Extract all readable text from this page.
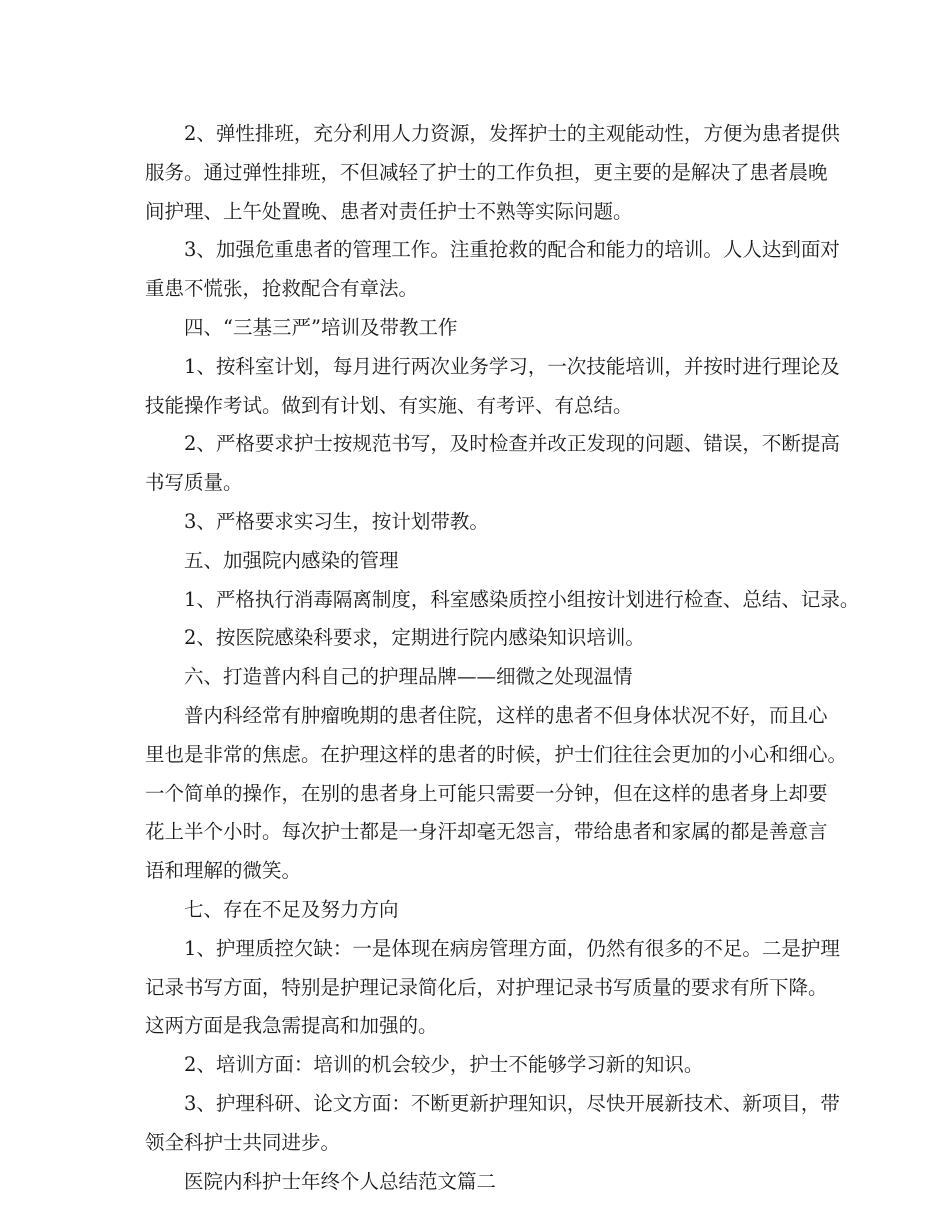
2、弹性排班，充分利用人力资源，发挥护士的主观能动性，方便为患者提供
服务。通过弹性排班，不但减轻了护士的工作负担，更主要的是解决了患者晨晚
间护理、上午处置晚、患者对责任护士不熟等实际问题。
3、加强危重患者的管理工作。注重抢救的配合和能力的培训。人人达到面对
重患不慌张，抢救配合有章法。
四、“三基三严”培训及带教工作
1、按科室计划，每月进行两次业务学习，一次技能培训，并按时进行理论及
技能操作考试。做到有计划、有实施、有考评、有总结。
2、严格要求护士按规范书写，及时检查并改正发现的问题、错误，不断提高
书写质量。
3、严格要求实习生，按计划带教。
五、加强院内感染的管理
1、严格执行消毒隔离制度，科室感染质控小组按计划进行检查、总结、记录。
2、按医院感染科要求，定期进行院内感染知识培训。
六、打造普内科自己的护理品牌——细微之处现温情
普内科经常有肿瘤晚期的患者住院，这样的患者不但身体状况不好，而且心
里也是非常的焦虑。在护理这样的患者的时候，护士们往往会更加的小心和细心。
一个简单的操作，在别的患者身上可能只需要一分钟，但在这样的患者身上却要
花上半个小时。每次护士都是一身汗却毫无怨言，带给患者和家属的都是善意言
语和理解的微笑。
七、存在不足及努力方向
1、护理质控欠缺：一是体现在病房管理方面，仍然有很多的不足。二是护理
记录书写方面，特别是护理记录简化后，对护理记录书写质量的要求有所下降。
这两方面是我急需提高和加强的。
2、培训方面：培训的机会较少，护士不能够学习新的知识。
3、护理科研、论文方面：不断更新护理知识，尽快开展新技术、新项目，带
领全科护士共同进步。
医院内科护士年终个人总结范文篇二
